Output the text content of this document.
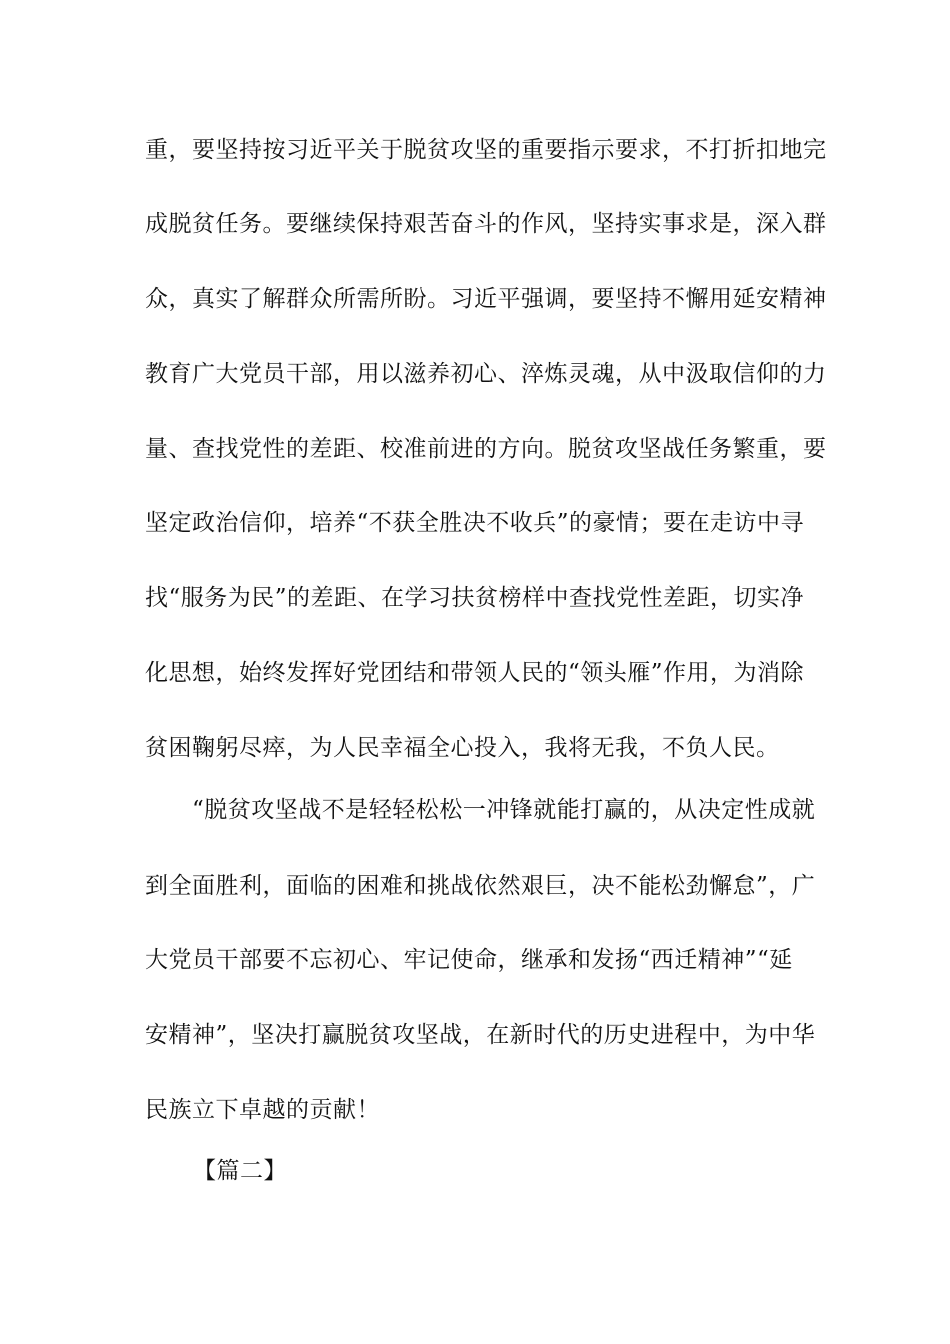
重，要坚持按习近平关于脱贫攻坚的重要指示要求，不打折扣地完
成脱贫任务。要继续保持艰苦奋斗的作风，坚持实事求是，深入群
众，真实了解群众所需所盼。习近平强调，要坚持不懈用延安精神
教育广大党员干部，用以滋养初心、淬炼灵魂，从中汲取信仰的力
量、查找党性的差距、校准前进的方向。脱贫攻坚战任务繁重，要
坚定政治信仰，培养“不获全胜决不收兵”的豪情；要在走访中寻
找“服务为民”的差距、在学习扶贫榜样中查找党性差距，切实净
化思想，始终发挥好党团结和带领人民的“领头雁”作用，为消除
贫困鞠躬尽瘁，为人民幸福全心投入，我将无我，不负人民。
“脱贫攻坚战不是轻轻松松一冲锋就能打赢的，从决定性成就
到全面胜利，面临的困难和挑战依然艰巨，决不能松劲懈怠”，广
大党员干部要不忘初心、牢记使命，继承和发扬“西迁精神”“延
安精神”，坚决打赢脱贫攻坚战，在新时代的历史进程中，为中华
民族立下卓越的贡献！
【篇二】
